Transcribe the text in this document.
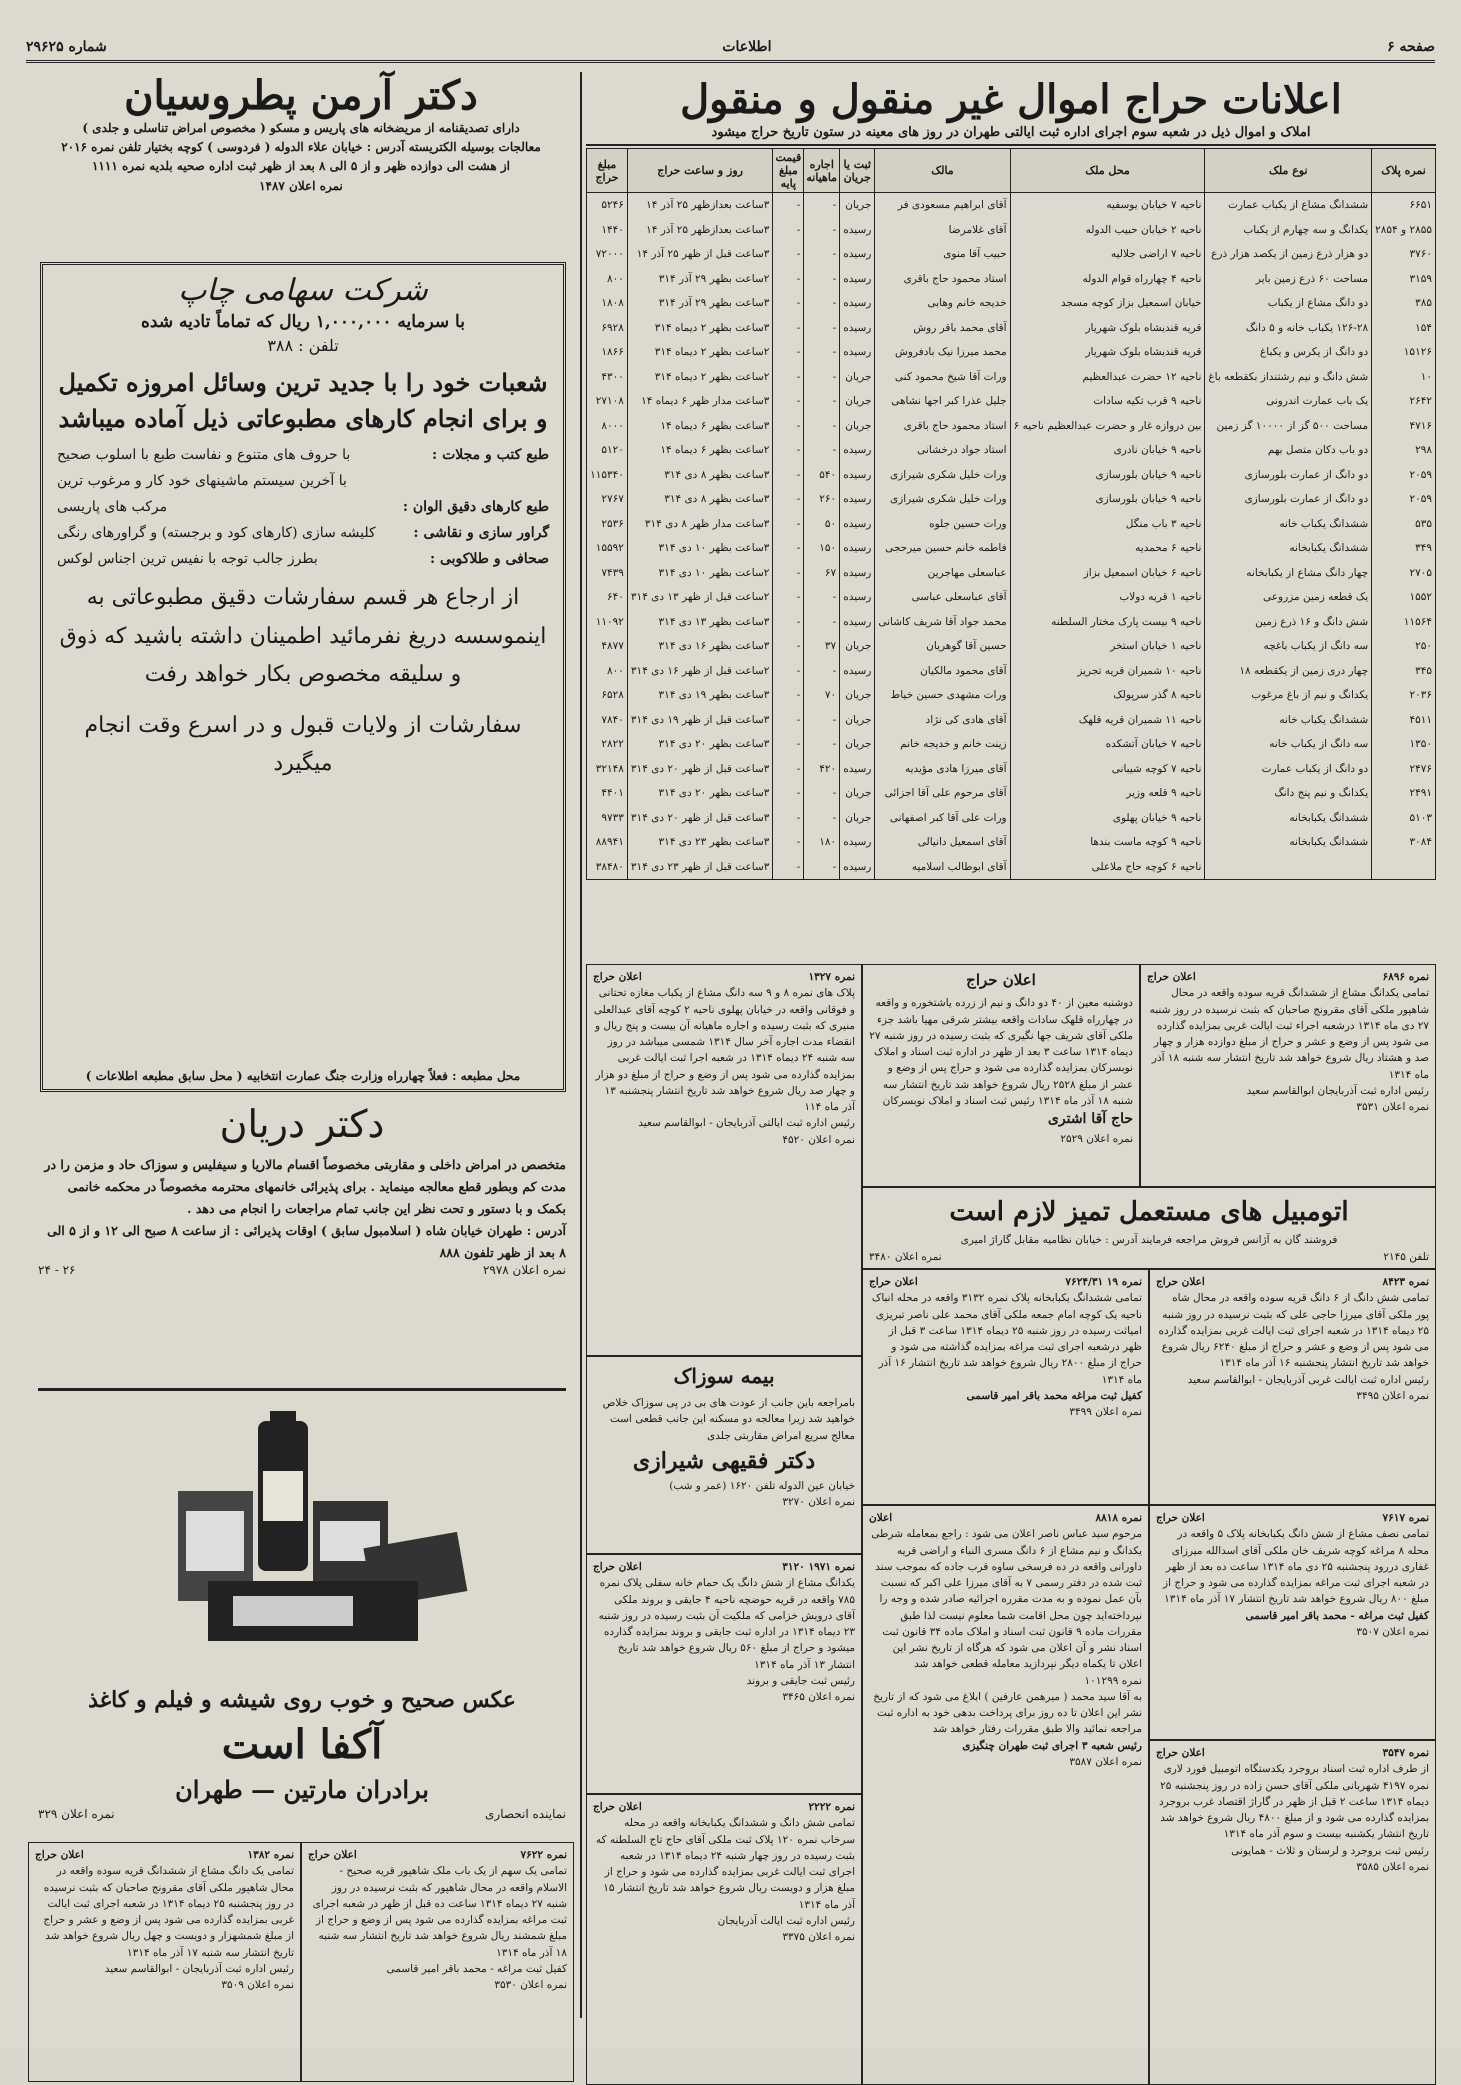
صفحه ۶
اطلاعات
شماره ۲۹۶۲۵
اعلانات حراج اموال غیر منقول و منقول
املاک و اموال ذیل در شعبه سوم اجرای اداره ثبت ایالتی طهران در روز های معینه در ستون تاریخ حراج میشود
نمره پلاک	نوع ملک	محل ملک	مالک	ثبت یا جریان	اجاره ماهیانه	قیمت مبلغ پایه	روز و ساعت حراج	مبلغ حراج
۶۶۵۱	ششدانگ مشاع از یکباب عمارت	ناحیه ۷ خیابان یوسفیه	آقای ابراهیم مسعودی فر	جریان	-	-	۳ساعت بعدازظهر ۲۵ آذر ۱۴	۵۲۴۶
۲۸۵۵ و ۲۸۵۴	یکدانگ و سه چهارم از یکباب	ناحیه ۲ خیابان حبیب الدوله	آقای غلامرضا	رسیده	-	-	۳ساعت بعدازظهر ۲۵ آذر ۱۴	۱۴۴۰
۳۷۶۰	دو هزار ذرع زمین از یکصد هزار ذرع	ناحیه ۷ اراضی جلالیه	حبیب آقا منوی	رسیده	-	-	۳ساعت قبل از ظهر ۲۵ آذر ۱۴	۷۲۰۰۰
۳۱۵۹	مساحت ۶۰ ذرع زمین بایر	ناحیه ۴ چهارراه قوام الدوله	استاد محمود حاج باقری	رسیده	-	-	۲ساعت بظهر ۲۹ آذر ۳۱۴	۸۰۰
۳۸۵	دو دانگ مشاع از یکباب	خیابان اسمعیل بزاز کوچه مسجد	خدیجه خانم وهابی	رسیده	-	-	۳ساعت بظهر ۲۹ آذر ۳۱۴	۱۸۰۸
۱۵۴	۱۲۶-۲۸ یکباب خانه و ۵ دانگ	قریه قندیشاه بلوک شهریار	آقای محمد باقر روش	رسیده	-	-	۳ساعت بظهر ۲ دیماه ۳۱۴	۶۹۲۸
۱۵۱۲۶	دو دانگ از یکرس و یکباغ	قریه قندیشاه بلوک شهریار	محمد میرزا نیک بادفروش	رسیده	-	-	۲ساعت بظهر ۲ دیماه ۳۱۴	۱۸۶۶
۱۰	شش دانگ و نیم رشتنداز بکقطعه باغ	ناحیه ۱۲ حضرت عبدالعظیم	ورات آقا شیخ محمود کنی	جریان	-	-	۲ساعت بظهر ۲ دیماه ۳۱۴	۴۳۰۰
۲۶۴۲	یک باب عمارت اندرونی	ناحیه ۹ قرب تکیه سادات	جلیل عذرا کبر اجها نشاهی	جریان	-	-	۳ساعت مدار ظهر ۶ دیماه ۱۴	۲۷۱۰۸
۴۷۱۶	مساحت ۵۰۰ گز از ۱۰۰۰۰ گز زمین	بین دروازه غار و حضرت عبدالعظیم ناحیه ۶	استاد محمود حاج باقری	جریان	-	-	۳ساعت بظهر ۶ دیماه ۱۴	۸۰۰۰
۲۹۸	دو باب دکان متصل بهم	ناحیه ۹ خیابان نادری	استاد جواد درخشانی	رسیده	-	-	۲ساعت بظهر ۶ دیماه ۱۴	۵۱۲۰
۲۰۵۹	دو دانگ از عمارت بلورسازی	ناحیه ۹ خیابان بلورسازی	ورات خلیل شکری شیرازی	رسیده	۵۴۰	-	۳ساعت بظهر ۸ دی ۳۱۴	۱۱۵۳۴۰
۲۰۵۹	دو دانگ از عمارت بلورسازی	ناحیه ۹ خیابان بلورسازی	ورات خلیل شکری شیرازی	رسیده	۲۶۰	-	۳ساعت بظهر ۸ دی ۳۱۴	۲۷۶۷
۵۳۵	ششدانگ یکباب خانه	ناحیه ۳ باب منگل	ورات حسین جلوه	رسیده	۵۰	-	۳ساعت مدار ظهر ۸ دی ۳۱۴	۲۵۳۶
۳۴۹	ششدانگ یکبابخانه	ناحیه ۶ محمدیه	فاطمه خانم حسین میرحجی	رسیده	۱۵۰	-	۳ساعت بظهر ۱۰ دی ۳۱۴	۱۵۵۹۲
۲۷۰۵	چهار دانگ مشاع از یکبابخانه	ناحیه ۶ خیابان اسمعیل بزاز	عباسعلی مهاجرین	رسیده	۶۷	-	۲ساعت بظهر ۱۰ دی ۳۱۴	۷۴۳۹
۱۵۵۲	یک قطعه زمین مزروعی	ناحیه ۱ قریه دولاب	آقای عباسعلی عباسی	رسیده	-	-	۲ساعت قبل از ظهر ۱۳ دی ۳۱۴	۶۴۰
۱۱۵۶۴	شش دانگ و ۱۶ ذرع زمین	ناحیه ۹ بیست پارک مختار السلطنه	محمد جواد آقا شریف کاشانی	رسیده	-	-	۳ساعت بظهر ۱۳ دی ۳۱۴	۱۱۰۹۲
۲۵۰	سه دانگ از یکباب باغچه	ناحیه ۱ خیابان استخر	حسین آقا گوهریان	جریان	۳۷	-	۳ساعت بظهر ۱۶ دی ۳۱۴	۴۸۷۷
۳۴۵	چهار دری زمین از یکقطعه ۱۸	ناحیه ۱۰ شمیران قریه تجریز	آقای محمود مالکیان	رسیده	-	-	۲ساعت قبل از ظهر ۱۶ دی ۳۱۴	۸۰۰
۲۰۳۶	یکدانگ و نیم از باغ مرغوب	ناحیه ۸ گذر سرپولک	ورات مشهدی حسین خیاط	جریان	۷۰	-	۳ساعت بظهر ۱۹ دی ۳۱۴	۶۵۲۸
۴۵۱۱	ششدانگ یکباب خانه	ناحیه ۱۱ شمیران قریه قلهک	آقای هادی کی نژاد	جریان	-	-	۳ساعت قبل از ظهر ۱۹ دی ۳۱۴	۷۸۴۰
۱۳۵۰	سه دانگ از یکباب خانه	ناحیه ۷ خیابان آتشکده	زینت خانم و خدیجه خانم	جریان	-	-	۳ساعت بظهر ۲۰ دی ۳۱۴	۲۸۲۲
۲۴۷۶	دو دانگ از یکباب عمارت	ناحیه ۷ کوچه شیبانی	آقای میرزا هادی مؤیدیه	رسیده	۴۲۰	-	۳ساعت قبل از ظهر ۲۰ دی ۳۱۴	۳۲۱۴۸
۲۴۹۱	یکدانگ و نیم پنج دانگ	ناحیه ۹ قلعه وزیر	آقای مرحوم علی آقا اجزائی	جریان	-	-	۳ساعت بظهر ۲۰ دی ۳۱۴	۴۴۰۱
۵۱۰۳	ششدانگ یکبابخانه	ناحیه ۹ خیابان پهلوی	ورات علی آقا کبر اصفهانی	جریان	-	-	۳ساعت قبل از ظهر ۲۰ دی ۳۱۴	۹۷۳۳
۳۰۸۴	ششدانگ یکبابخانه	ناحیه ۹ کوچه ماست بندها	آقای اسمعیل دانیالی	رسیده	۱۸۰	-	۳ساعت بظهر ۲۳ دی ۳۱۴	۸۸۹۴۱
		ناحیه ۶ کوچه حاج ملاعلی	آقای ابوطالب اسلامیه	رسیده	-	-	۳ساعت قبل از ظهر ۲۳ دی ۳۱۴	۳۸۴۸۰
نمره ۶۸۹۶
اعلان حراج
تمامی یکدانگ مشاع از ششدانگ قریه سوده واقعه در محال شاهپور ملکی آقای مقرونج صاحبان که بثبت نرسیده در روز شنبه ۲۷ دی ماه ۱۳۱۴ درشعبه اجراء ثبت ایالت غربی بمزایده گذارده می شود پس از وضع و عشر و حراج از مبلغ دوازده هزار و چهار صد و هشتاد ریال شروع خواهد شد تاریخ انتشار سه شنبه ۱۸ آذر ماه ۱۳۱۴
رئیس اداره ثبت آذربایجان ابوالقاسم سعید
نمره اعلان ۳۵۳۱
اعلان حراج
دوشنبه معین از ۴۰ دو دانگ و نیم از زرده یاشتخوره و واقعه در چهارراه قلهک سادات واقعه بیشتر شرقی مهیا باشد جزء ملکی آقای شریف جها نگیری که بثبت رسیده در روز شنبه ۲۷ دیماه ۱۳۱۴ ساعت ۳ بعد از ظهر در اداره ثبت اسناد و املاک نوبسرکان بمزایده گذارده می شود و حراج پس از وضع و عشر از مبلغ ۲۵۲۸ ریال شروع خواهد شد تاریخ انتشار سه شنبه ۱۸ آذر ماه ۱۳۱۴ رئیس ثبت اسناد و املاک نوبسرکان
حاج آقا اشتری
نمره اعلان ۲۵۲۹
نمره ۱۳۲۷
اعلان حراج
پلاک های نمره ۸ و ۹ سه دانگ مشاع از یکباب مغازه تحتانی و فوقانی واقعه در خیابان پهلوی ناحیه ۲ کوچه آقای عبدالعلی منیری که بثبت رسیده و اجاره ماهیانه آن بیست و پنج ریال و انقضاء مدت اجاره آخر سال ۱۳۱۴ شمسی میباشد در روز سه شنبه ۲۴ دیماه ۱۳۱۴ در شعبه اجرا ثبت ایالت غربی بمزایده گذارده می شود پس از وضع و حراج از مبلغ دو هزار و چهار صد ریال شروع خواهد شد تاریخ انتشار پنجشنبه ۱۳ آذر ماه ۱۱۴
رئیس اداره ثبت ایالتی آذربایجان - ابوالقاسم سعید
نمره اعلان ۴۵۲۰
اتومبیل های مستعمل تمیز لازم است
فروشند گان به آژانس فروش مراجعه فرمایند آدرس : خیابان نظامیه مقابل گاراژ امیری
تلفن ۲۱۴۵
نمره اعلان ۳۴۸۰
بیمه سوزاک
بامراجعه باین جانب از عودت های بی در پی سوزاک خلاص خواهید شد زیرا معالجه دو مسکنه این جانب قطعی است معالج سریع امراض مقاربتی جلدی
دکتر فقیهی شیرازی
خیابان عین الدوله تلفن ۱۶۲۰ (عمر و شب)
نمره اعلان ۳۲۷۰
نمره ۱۹ ۷۶۲۴/۳۱
اعلان حراج
تمامی ششدانگ یکبابخانه پلاک نمره ۳۱۳۲ واقعه در محله انباک ناحیه یک کوچه امام جمعه ملکی آقای محمد علی ناصر تبریزی امیاثت رسیده در روز شنبه ۲۵ دیماه ۱۳۱۴ ساعت ۳ قبل از ظهر درشعبه اجرای ثبت مراغه بمزایده گذاشته می شود و حراج از مبلغ ۲۸۰۰ ریال شروع خواهد شد تاریخ انتشار ۱۶ آذر ماه ۱۳۱۴
کفیل ثبت مراغه محمد باقر امیر قاسمی
نمره اعلان ۳۴۹۹
نمره ۸۴۲۳
اعلان حراج
تمامی شش دانگ از ۶ دانگ قریه سوده واقعه در محال شاه پور ملکی آقای میرزا حاجی علی که بثبت نرسیده در روز شنبه ۲۵ دیماه ۱۳۱۴ در شعبه اجرای ثبت ایالت غربی بمزایده گذارده می شود پس از وضع و عشر و حراج از مبلغ ۶۲۴۰ ریال شروع خواهد شد تاریخ انتشار پنجشنبه ۱۶ آذر ماه ۱۳۱۴
رئیس اداره ثبت ایالت غربی آذربایجان - ابوالقاسم سعید
نمره اعلان ۳۴۹۵
نمره ۱۹۷۱ ۳۱۲۰
اعلان حراج
یکدانگ مشاع از شش دانگ یک حمام خانه سفلی پلاک نمره ۷۸۵ واقعه در قریه حوضچه ناحیه ۴ جایقی و بروند ملکی آقای درویش خزامی که ملکیت آن بثبت رسیده در روز شنبه ۲۳ دیماه ۱۳۱۴ در اداره ثبت جایقی و بروند بمزایده گذارده میشود و حراج از مبلغ ۵۶۰ ریال شروع خواهد شد تاریخ انتشار ۱۳ آذر ماه ۱۳۱۴
رئیس ثبت جایقی و بروند
نمره اعلان ۳۴۶۵
نمره ۷۶۱۷
اعلان حراج
تمامی نصف مشاع از شش دانگ یکبابخانه پلاک ۵ واقعه در محله ۸ مراغه کوچه شریف خان ملکی آقای اسدالله میرزای غفاری دررود پنجشنبه ۲۵ دی ماه ۱۳۱۴ ساعت ده بعد از ظهر در شعبه اجرای ثبت مراغه بمزایده گذارده می شود و حراج از مبلغ ۸۰۰ ریال شروع خواهد شد تاریخ انتشار ۱۷ آذر ماه ۱۳۱۴
کفیل ثبت مراغه - محمد باقر امیر قاسمی
نمره اعلان ۳۵۰۷
نمره ۸۸۱۸
اعلان
مرحوم سید عباس ناصر اعلان می شود : راجع بمعامله شرطی یکدانگ و نیم مشاع از ۶ دانگ مسری النباء و اراضی قریه داورانی واقعه در ده فرسخی ساوه قرب جاده که بموجب سند ثبت شده در دفتر رسمی ۷ به آقای میرزا علی اکبر که نسبت بآن عمل نموده و به مدت مقرره اجرائیه صادر شده و وجه را نپرداخته‌اید چون محل اقامت شما معلوم نیست لذا طبق مقررات ماده ۹ قانون ثبت اسناد و املاک ماده ۳۴ قانون ثبت اسناد نشر و آن اعلان می شود که هرگاه از تاریخ نشر این اعلان تا یکماه دیگر نپردازید معامله قطعی خواهد شد
نمره ۱۰۱۲۹۹
به آقا سید محمد ( میرهمن عارفین ) ابلاغ می شود که از تاریخ نشر این اعلان تا ده روز برای پرداخت بدهی خود به اداره ثبت مراجعه نمائید والا طبق مقررات رفتار خواهد شد
رئیس شعبه ۳ اجرای ثبت طهران چنگیزی
نمره اعلان ۳۵۸۷
نمره ۲۲۲۲
اعلان حراج
تمامی شش دانگ و ششدانگ یکبابخانه واقعه در محله سرخاب نمره ۱۲۰ پلاک ثبت ملکی آقای حاج تاج السلطنه که بثبت رسیده در روز چهار شنبه ۲۴ دیماه ۱۳۱۴ در شعبه اجرای ثبت ایالت غربی بمزایده گذارده می شود و حراج از مبلغ هزار و دویست ریال شروع خواهد شد تاریخ انتشار ۱۵ آذر ماه ۱۳۱۴
رئیس اداره ثبت ایالت آذربایجان
نمره اعلان ۳۳۷۵
نمره ۳۵۴۷
اعلان حراج
از طرف اداره ثبت اسناد بروجرد یکدستگاه اتومبیل فورد لاری نمره ۴۱۹۷ شهربانی ملکی آقای حسن زاده در روز پنجشنبه ۲۵ دیماه ۱۳۱۴ ساعت ۲ قبل از ظهر در گاراژ اقتصاد غرب بروجرد بمزایده گذارده می شود و از مبلغ ۴۸۰۰ ریال شروع خواهد شد تاریخ انتشار یکشنبه بیست و سوم آذر ماه ۱۳۱۴
رئیس ثبت بروجرد و لرستان و ثلاث - همایونی
نمره اعلان ۳۵۸۵
دکتر آرمن پطروسیان
دارای تصدیقنامه از مریضخانه های پاریس و مسکو ( مخصوص امراض تناسلی و جلدی )
معالجات بوسیله الکتریسته آدرس : خیابان علاء الدوله ( فردوسی ) کوچه بختیار تلفن نمره ۲۰۱۶
از هشت الی دوازده ظهر و از ۵ الی ۸ بعد از ظهر ثبت اداره صحیه بلدیه نمره ۱۱۱۱
نمره اعلان ۱۴۸۷
شرکت سهامی چاپ
با سرمایه ۱,۰۰۰,۰۰۰ ریال که تماماً تادیه شده
تلفن : ۳۸۸
شعبات خود را با جدید ترین وسائل امروزه تکمیل و برای انجام کارهای مطبوعاتی ذیل آماده میباشد
طبع کتب و مجلات :
با حروف های متنوع و نفاست طبع با اسلوب صحیح
با آخرین سیستم ماشینهای خود کار و مرغوب ترین
طبع کارهای دقیق الوان :
مرکب های پاریسی
گراور سازی و نقاشی :
کلیشه سازی (کارهای کود و برجسته) و گراورهای رنگی
صحافی و طلاکوبی :
بطرز جالب توجه با نفیس ترین اجناس لوکس
از ارجاع هر قسم سفارشات دقیق مطبوعاتی به اینموسسه دریغ نفرمائید اطمینان داشته باشید که ذوق و سلیقه مخصوص بکار خواهد رفت
سفارشات از ولایات قبول و در اسرع وقت انجام میگیرد
محل مطبعه : فعلاً چهارراه وزارت جنگ عمارت انتخابیه ( محل سابق مطبعه اطلاعات )
دکتر دریان

متخصص در امراض داخلی و مقاربتی مخصوصاً اقسام مالاریا و سیفلیس و سوزاک حاد و مزمن را در مدت کم وبطور قطع معالجه مینماید . برای پذیرائی خانمهای محترمه مخصوصاً در محکمه خانمی بکمک و با دستور و تحت نظر این جانب تمام مراجعات را انجام می دهد .

آدرس : طهران خیابان شاه ( اسلامبول سابق ) اوقات پذیرائی : از ساعت ۸ صبح الی ۱۲ و از ۵ الی ۸ بعد از ظهر تلفون ۸۸۸

نمره اعلان ۲۹۷۸
۲۶ - ۲۴
عکس صحیح و خوب روی شیشه و فیلم و کاغذ
آکفا است
برادران مارتین — طهران
نماینده انحصاری
نمره اعلان ۳۲۹
نمره ۷۶۲۲
اعلان حراج
تمامی یک سهم از یک باب ملک شاهپور قریه صحیح - الاسلام واقعه در محال شاهپور که بثبت نرسیده در روز شنبه ۲۷ دیماه ۱۳۱۴ ساعت ده قبل از ظهر در شعبه اجرای ثبت مراغه بمزایده گذارده می شود پس از وضع و حراج از مبلغ شمشند ریال شروع خواهد شد تاریخ انتشار سه شنبه ۱۸ آذر ماه ۱۳۱۴
کفیل ثبت مراغه - محمد باقر امیر قاسمی
نمره اعلان ۳۵۳۰
نمره ۱۳۸۲
اعلان حراج
تمامی یک دانگ مشاع از ششدانگ قریه سوده واقعه در محال شاهپور ملکی آقای مقرونج صاحبان که بثبت نرسیده در روز پنجشنبه ۲۵ دیماه ۱۳۱۴ در شعبه اجرای ثبت ایالت غربی بمزایده گذارده می شود پس از وضع و عشر و حراج از مبلغ شمشهزار و دویست و چهل ریال شروع خواهد شد تاریخ انتشار سه شنبه ۱۷ آذر ماه ۱۳۱۴
رئیس اداره ثبت آذربایجان - ابوالقاسم سعید
نمره اعلان ۳۵۰۹
